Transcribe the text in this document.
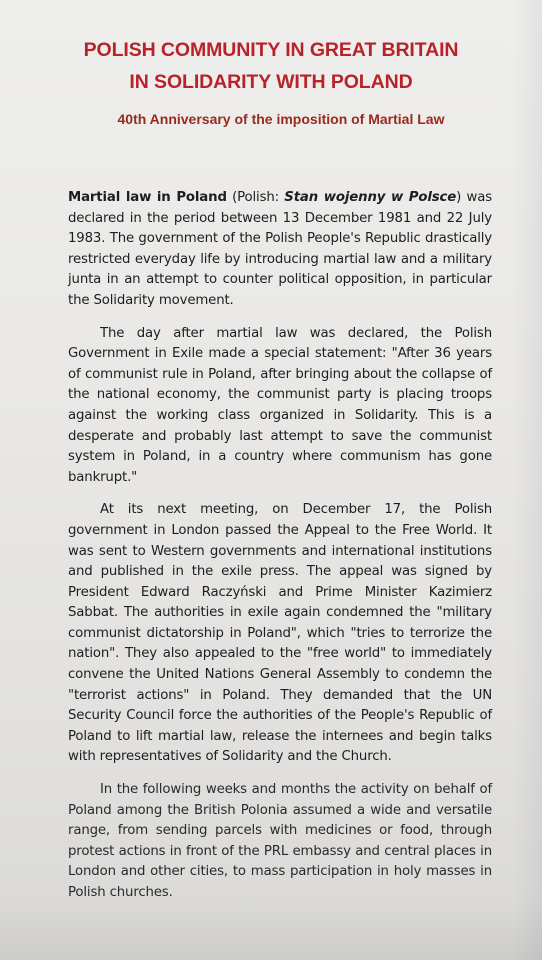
POLISH COMMUNITY IN GREAT BRITAIN
IN SOLIDARITY WITH POLAND
40th Anniversary of the imposition of Martial Law

Martial law in Poland (Polish: Stan wojenny w Polsce) was declared in the period between 13 December 1981 and 22 July 1983. The government of the Polish People's Republic drastically restricted everyday life by introducing martial law and a military junta in an attempt to counter political opposition, in particular the Solidarity movement.

The day after martial law was declared, the Polish Government in Exile made a special statement: "After 36 years of communist rule in Poland, after bringing about the collapse of the national economy, the communist party is placing troops against the working class organized in Solidarity. This is a desperate and probably last attempt to save the communist system in Poland, in a country where communism has gone bankrupt."

At its next meeting, on December 17, the Polish government in London passed the Appeal to the Free World. It was sent to Western governments and international institutions and published in the exile press. The appeal was signed by President Edward Raczyński and Prime Minister Kazimierz Sabbat. The authorities in exile again condemned the "military communist dictatorship in Poland", which "tries to terrorize the nation". They also appealed to the "free world" to immediately convene the United Nations General Assembly to condemn the "terrorist actions" in Poland. They demanded that the UN Security Council force the authorities of the People's Republic of Poland to lift martial law, release the internees and begin talks with representatives of Solidarity and the Church.

In the following weeks and months the activity on behalf of Poland among the British Polonia assumed a wide and versatile range, from sending parcels with medicines or food, through protest actions in front of the PRL embassy and central places in London and other cities, to mass participation in holy masses in Polish churches.
